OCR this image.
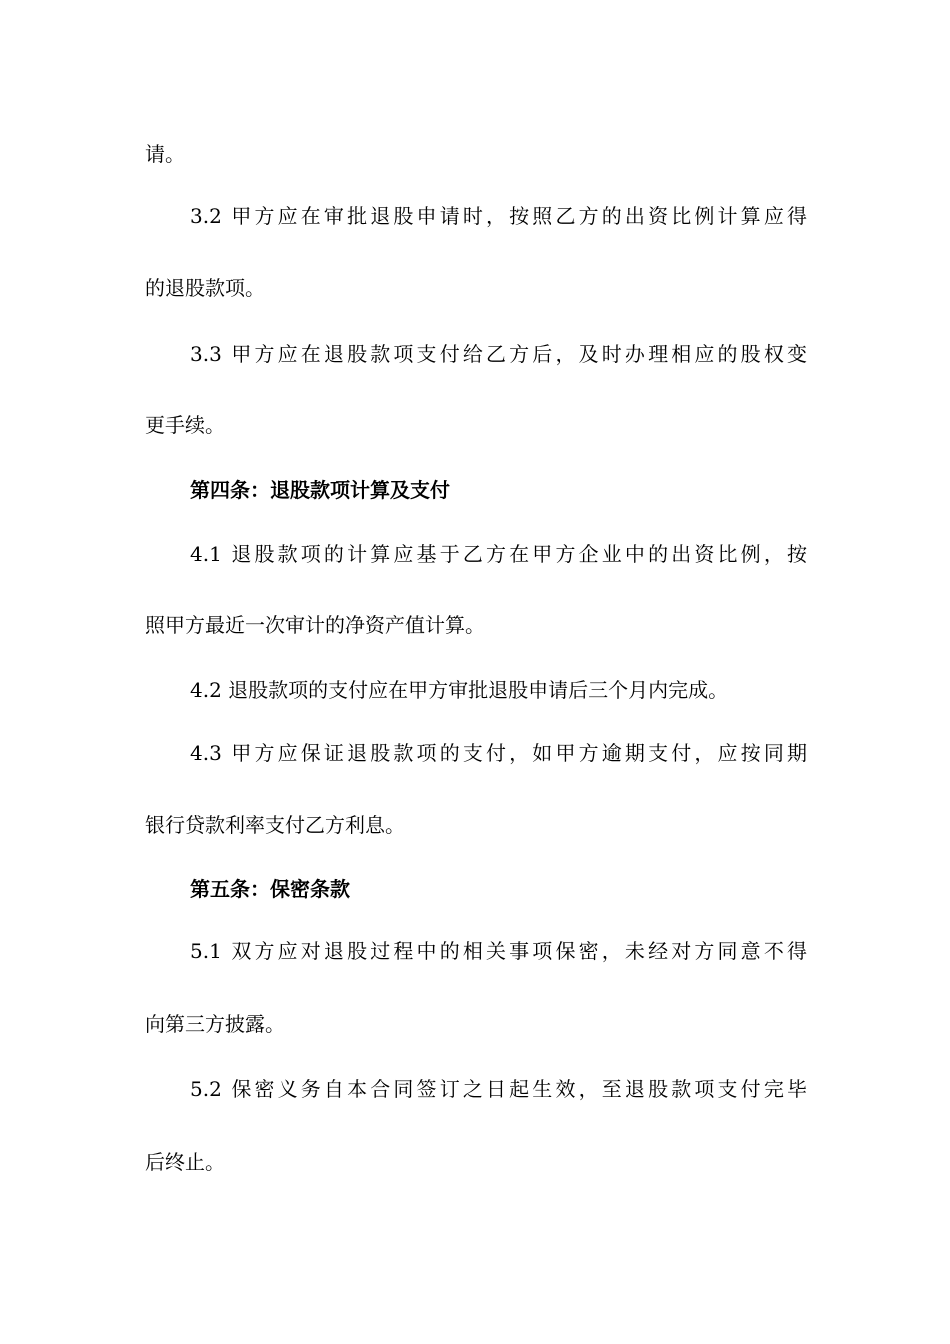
请。
3.2 甲方应在审批退股申请时，按照乙方的出资比例计算应得
的退股款项。
3.3 甲方应在退股款项支付给乙方后，及时办理相应的股权变
更手续。
第四条：退股款项计算及支付
4.1 退股款项的计算应基于乙方在甲方企业中的出资比例，按
照甲方最近一次审计的净资产值计算。
4.2 退股款项的支付应在甲方审批退股申请后三个月内完成。
4.3 甲方应保证退股款项的支付，如甲方逾期支付，应按同期
银行贷款利率支付乙方利息。
第五条：保密条款
5.1 双方应对退股过程中的相关事项保密，未经对方同意不得
向第三方披露。
5.2 保密义务自本合同签订之日起生效，至退股款项支付完毕
后终止。
